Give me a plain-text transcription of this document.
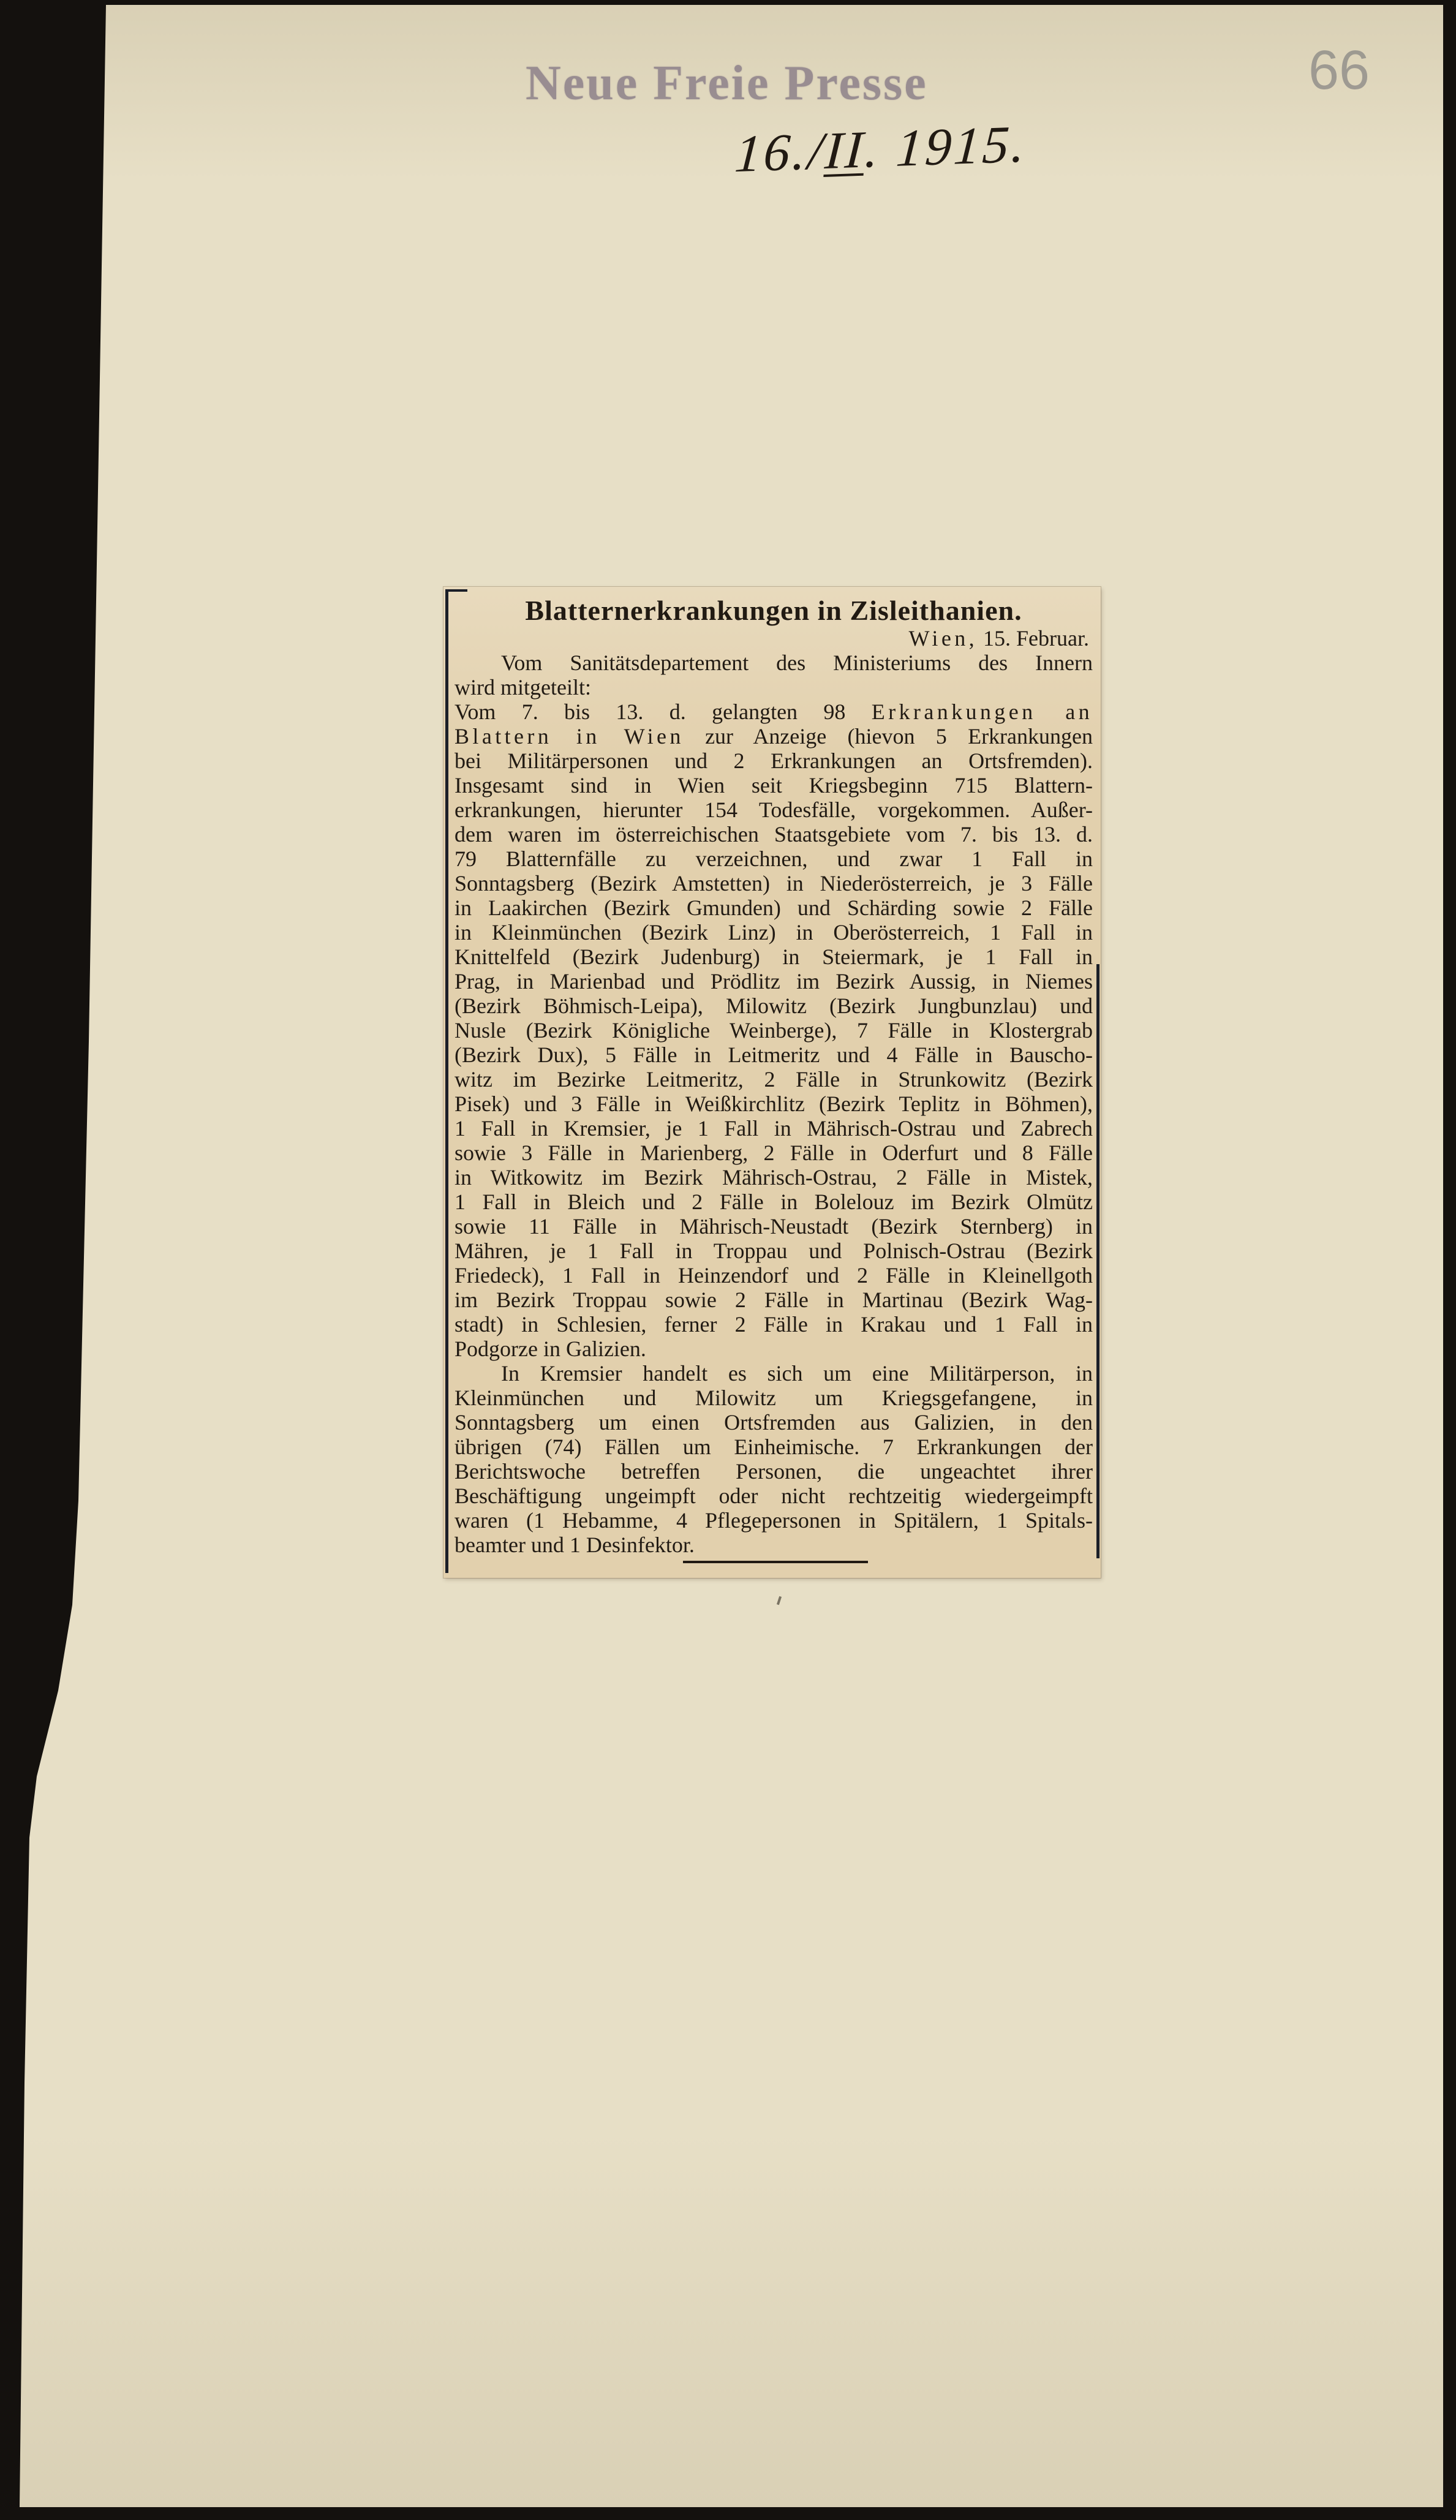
Neue Freie Presse
16./II. 1915.
66
Blatternerkrankungen in Zisleithanien.
Wien, 15. Februar.
Vom Sanitätsdepartement des Ministeriums des Innern
wird mitgeteilt:
Vom 7. bis 13. d. gelangten 98 Erkrankungen an
Blattern in Wien zur Anzeige (hievon 5 Erkrankungen
bei Militärpersonen und 2 Erkrankungen an Ortsfremden).
Insgesamt sind in Wien seit Kriegsbeginn 715 Blattern-
erkrankungen, hierunter 154 Todesfälle, vorgekommen. Außer-
dem waren im österreichischen Staatsgebiete vom 7. bis 13. d.
79 Blatternfälle zu verzeichnen, und zwar 1 Fall in
Sonntagsberg (Bezirk Amstetten) in Niederösterreich, je 3 Fälle
in Laakirchen (Bezirk Gmunden) und Schärding sowie 2 Fälle
in Kleinmünchen (Bezirk Linz) in Oberösterreich, 1 Fall in
Knittelfeld (Bezirk Judenburg) in Steiermark, je 1 Fall in
Prag, in Marienbad und Prödlitz im Bezirk Aussig, in Niemes
(Bezirk Böhmisch-Leipa), Milowitz (Bezirk Jungbunzlau) und
Nusle (Bezirk Königliche Weinberge), 7 Fälle in Klostergrab
(Bezirk Dux), 5 Fälle in Leitmeritz und 4 Fälle in Bauscho-
witz im Bezirke Leitmeritz, 2 Fälle in Strunkowitz (Bezirk
Pisek) und 3 Fälle in Weißkirchlitz (Bezirk Teplitz in Böhmen),
1 Fall in Kremsier, je 1 Fall in Mährisch-Ostrau und Zabrech
sowie 3 Fälle in Marienberg, 2 Fälle in Oderfurt und 8 Fälle
in Witkowitz im Bezirk Mährisch-Ostrau, 2 Fälle in Mistek,
1 Fall in Bleich und 2 Fälle in Bolelouz im Bezirk Olmütz
sowie 11 Fälle in Mährisch-Neustadt (Bezirk Sternberg) in
Mähren, je 1 Fall in Troppau und Polnisch-Ostrau (Bezirk
Friedeck), 1 Fall in Heinzendorf und 2 Fälle in Kleinellgoth
im Bezirk Troppau sowie 2 Fälle in Martinau (Bezirk Wag-
stadt) in Schlesien, ferner 2 Fälle in Krakau und 1 Fall in
Podgorze in Galizien.
In Kremsier handelt es sich um eine Militärperson, in
Kleinmünchen und Milowitz um Kriegsgefangene, in
Sonntagsberg um einen Ortsfremden aus Galizien, in den
übrigen (74) Fällen um Einheimische. 7 Erkrankungen der
Berichtswoche betreffen Personen, die ungeachtet ihrer
Beschäftigung ungeimpft oder nicht rechtzeitig wiedergeimpft
waren (1 Hebamme, 4 Pflegepersonen in Spitälern, 1 Spitals-
beamter und 1 Desinfektor.
